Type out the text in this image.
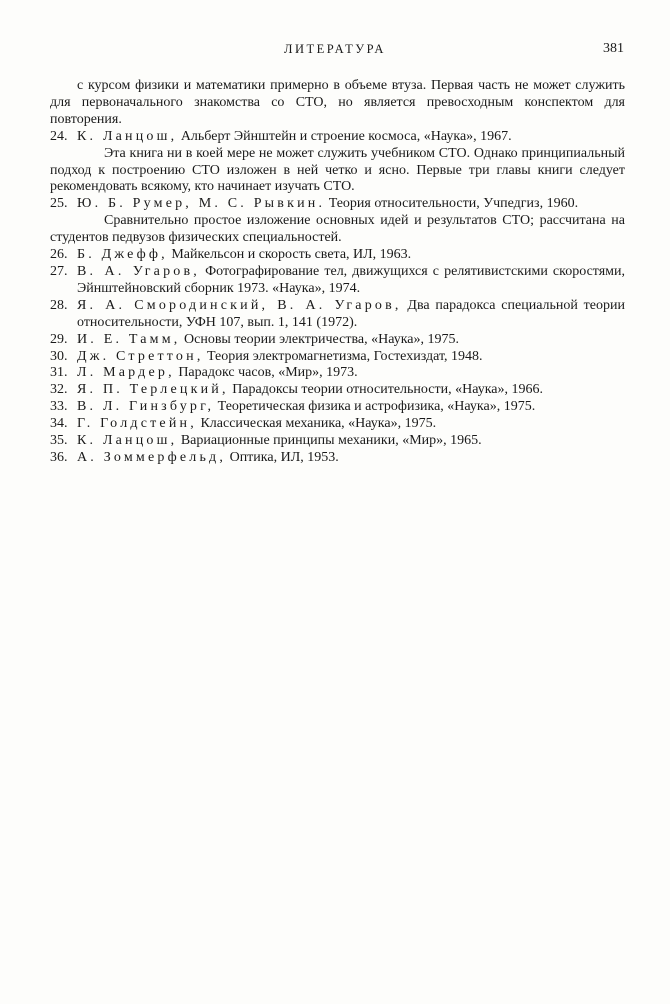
ЛИТЕРАТУРА	381

с курсом физики и математики примерно в объеме втуза. Первая часть не может служить для первоначального знакомства со СТО, но является превосходным конспектом для повторения.

24. К. Ланцош, Альберт Эйнштейн и строение космоса, «Наука», 1967.

Эта книга ни в коей мере не может служить учебником СТО. Однако принципиальный подход к построению СТО изложен в ней четко и ясно. Первые три главы книги следует рекомендовать всякому, кто начинает изучать СТО.

25. Ю. Б. Румер, М. С. Рывкин. Теория относительности, Учпедгиз, 1960.

Сравнительно простое изложение основных идей и результатов СТО; рассчитана на студентов педвузов физических специальностей.

26. Б. Джефф, Майкельсон и скорость света, ИЛ, 1963.
27. В. А. Угаров, Фотографирование тел, движущихся с релятивистскими скоростями, Эйнштейновский сборник 1973. «Наука», 1974.
28. Я. А. Смородинский, В. А. Угаров, Два парадокса специальной теории относительности, УФН 107, вып. 1, 141 (1972).
29. И. Е. Тамм, Основы теории электричества, «Наука», 1975.
30. Дж. Стреттон, Теория электромагнетизма, Гостехиздат, 1948.
31. Л. Мардер, Парадокс часов, «Мир», 1973.
32. Я. П. Терлецкий, Парадоксы теории относительности, «Наука», 1966.
33. В. Л. Гинзбург, Теоретическая физика и астрофизика, «Наука», 1975.
34. Г. Голдстейн, Классическая механика, «Наука», 1975.
35. К. Ланцош, Вариационные принципы механики, «Мир», 1965.
36. А. Зоммерфельд, Оптика, ИЛ, 1953.
